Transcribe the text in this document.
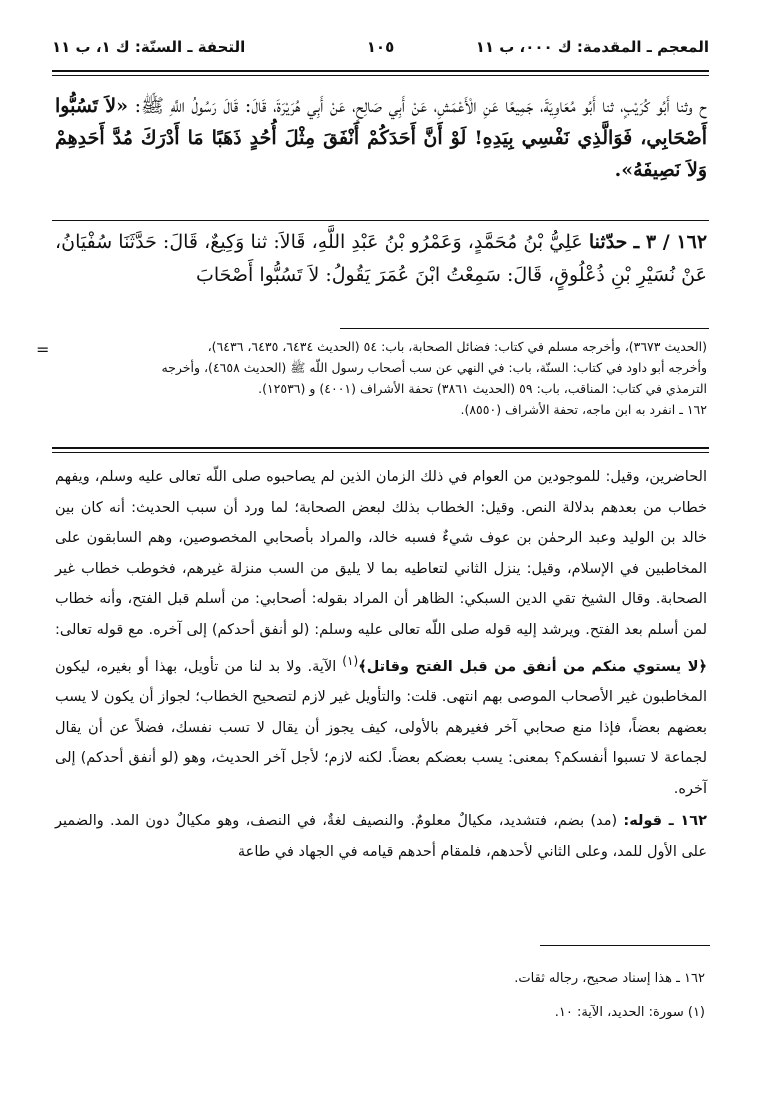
المعجم ـ المقدمة: ك ٠٠٠، ب ١١
١٠٥
التحفة ـ السنّة: ك ١، ب ١١
ح وثنا أَبُو كُرَيْبٍ، ثنا أَبُو مُعَاوِيَةَ، جَمِيعًا عَنِ الْأَعْمَشِ، عَنْ أَبِي صَالِحٍ، عَنْ أَبِي هُرَيْرَةَ، قَالَ: قَالَ رَسُولُ اللَّهِ ﷺ: «لاَ تَسُبُّوا أَصْحَابِي، فَوَالَّذِي نَفْسِي بِيَدِهِ! لَوْ أَنَّ أَحَدَكُمْ أَنْفَقَ مِثْلَ أُحُدٍ ذَهَبًا مَا أَدْرَكَ مُدَّ أَحَدِهِمْ وَلاَ نَصِيفَهُ».
١٦٢ / ٣ ـ حدّثنا عَلِيُّ بْنُ مُحَمَّدٍ، وَعَمْرُو بْنُ عَبْدِ اللَّهِ، قَالاَ: ثنا وَكِيعٌ، قَالَ: حَدَّثَنَا سُفْيَانُ، عَنْ نُسَيْرِ بْنِ ذُعْلُوقٍ، قَالَ: سَمِعْتُ ابْنَ عُمَرَ يَقُولُ: لاَ تَسُبُّوا أَصْحَابَ
=	(الحديث ٣٦٧٣)، وأخرجه مسلم في كتاب: فضائل الصحابة، باب: ٥٤ (الحديث ٦٤٣٤، ٦٤٣٥، ٦٤٣٦)،

وأخرجه أبو داود في كتاب: السنّة، باب: في النهي عن سب أصحاب رسول اللّه ﷺ (الحديث ٤٦٥٨)، وأخرجه

الترمذي في كتاب: المناقب، باب: ٥٩ (الحديث ٣٨٦١) تحفة الأشراف (٤٠٠١) و (١٢٥٣٦).

١٦٢ ـ انفرد به ابن ماجه، تحفة الأشراف (٨٥٥٠).

الحاضرين، وقيل: للموجودين من العوام في ذلك الزمان الذين لم يصاحبوه صلى اللّه تعالى عليه وسلم، ويفهم خطاب من بعدهم بدلالة النص. وقيل: الخطاب بذلك لبعض الصحابة؛ لما ورد أن سبب الحديث: أنه كان بين خالد بن الوليد وعبد الرحمٰن بن عوف شيءٌ فسبه خالد، والمراد بأصحابي المخصوصين، وهم السابقون على المخاطبين في الإسلام، وقيل: ينزل الثاني لتعاطيه بما لا يليق من السب منزلة غيرهم، فخوطب خطاب غير الصحابة. وقال الشيخ تقي الدين السبكي: الظاهر أن المراد بقوله: أصحابي: من أسلم قبل الفتح، وأنه خطاب لمن أسلم بعد الفتح. ويرشد إليه قوله صلى اللّه تعالى عليه وسلم: (لو أنفق أحدكم) إلى آخره. مع قوله تعالى: ﴿لا يستوي منكم من أنفق من قبل الفتح وقاتل﴾$^{(١)}$ الآية. ولا بد لنا من تأويل، بهذا أو بغيره، ليكون المخاطبون غير الأصحاب الموصى بهم انتهى. قلت: والتأويل غير لازم لتصحيح الخطاب؛ لجواز أن يكون لا يسب بعضهم بعضاً، فإذا منع صحابي آخر فغيرهم بالأولى، كيف يجوز أن يقال لا تسب نفسك، فضلاً عن أن يقال لجماعة لا تسبوا أنفسكم؟ بمعنى: يسب بعضكم بعضاً. لكنه لازم؛ لأجل آخر الحديث، وهو (لو أنفق أحدكم) إلى آخره.

١٦٢ ـ قوله: (مد) بضم، فتشديد، مكيالٌ معلومٌ. والنصيف لغةٌ، في النصف، وهو مكيالٌ دون المد. والضمير على الأول للمد، وعلى الثاني لأحدهم، فلمقام أحدهم قيامه في الجهاد في طاعة

١٦٢ ـ هذا إسناد صحيح، رجاله ثقات.

(١) سورة: الحديد، الآية: ١٠.
